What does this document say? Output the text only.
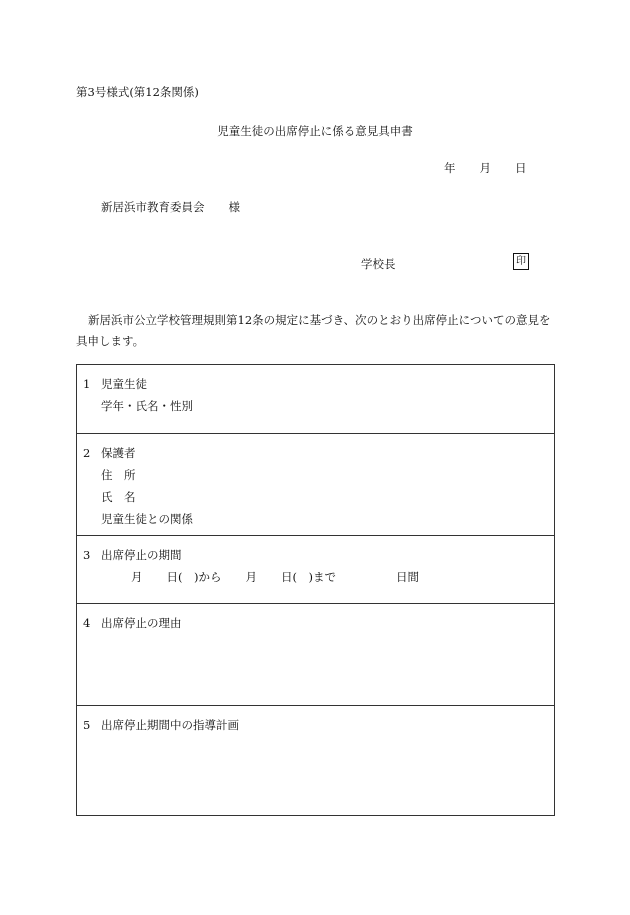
第3号様式(第12条関係)
児童生徒の出席停止に係る意見具申書
年 月 日
新居浜市教育委員会 様
学校長	印
新居浜市公立学校管理規則第12条の規定に基づき、次のとおり出席停止についての意見を具申します。
1 児童生徒
学年・氏名・性別
2 保護者
住　所
氏　名
児童生徒との関係
3 出席停止の期間
月 日(　)から 月 日(　)まで	日間
4 出席停止の理由
5 出席停止期間中の指導計画
